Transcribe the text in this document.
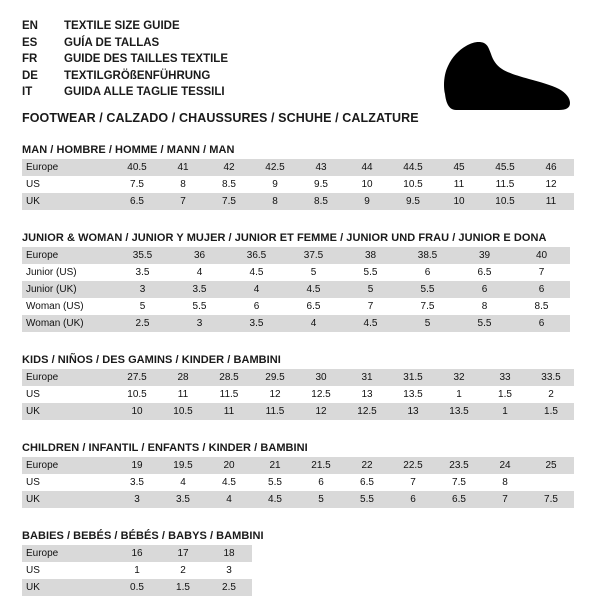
EN	TEXTILE SIZE GUIDE
ES	GUÍA DE TALLAS
FR	GUIDE DES TAILLES TEXTILE
DE	TEXTILGRÖßENFÜHRUNG
IT	GUIDA ALLE TAGLIE TESSILI
FOOTWEAR / CALZADO / CHAUSSURES / SCHUHE / CALZATURE
MAN / HOMBRE / HOMME / MANN / MAN
Europe	40.5	41	42	42.5	43	44	44.5	45	45.5	46
US	7.5	8	8.5	9	9.5	10	10.5	11	11.5	12
UK	6.5	7	7.5	8	8.5	9	9.5	10	10.5	11
JUNIOR & WOMAN / JUNIOR Y MUJER / JUNIOR ET FEMME / JUNIOR UND FRAU / JUNIOR E DONA
Europe	35.5	36	36.5	37.5	38	38.5	39	40
Junior (US)	3.5	4	4.5	5	5.5	6	6.5	7
Junior (UK)	3	3.5	4	4.5	5	5.5	6	6
Woman (US)	5	5.5	6	6.5	7	7.5	8	8.5
Woman (UK)	2.5	3	3.5	4	4.5	5	5.5	6
KIDS / NIÑOS / DES GAMINS / KINDER / BAMBINI
Europe	27.5	28	28.5	29.5	30	31	31.5	32	33	33.5
US	10.5	11	11.5	12	12.5	13	13.5	1	1.5	2
UK	10	10.5	11	11.5	12	12.5	13	13.5	1	1.5
CHILDREN / INFANTIL / ENFANTS / KINDER / BAMBINI
Europe	19	19.5	20	21	21.5	22	22.5	23.5	24	25
US	3.5	4	4.5	5.5	6	6.5	7	7.5	8	
UK	3	3.5	4	4.5	5	5.5	6	6.5	7	7.5
BABIES / BEBÉS / BÉBÉS / BABYS / BAMBINI
Europe	16	17	18
US	1	2	3
UK	0.5	1.5	2.5
